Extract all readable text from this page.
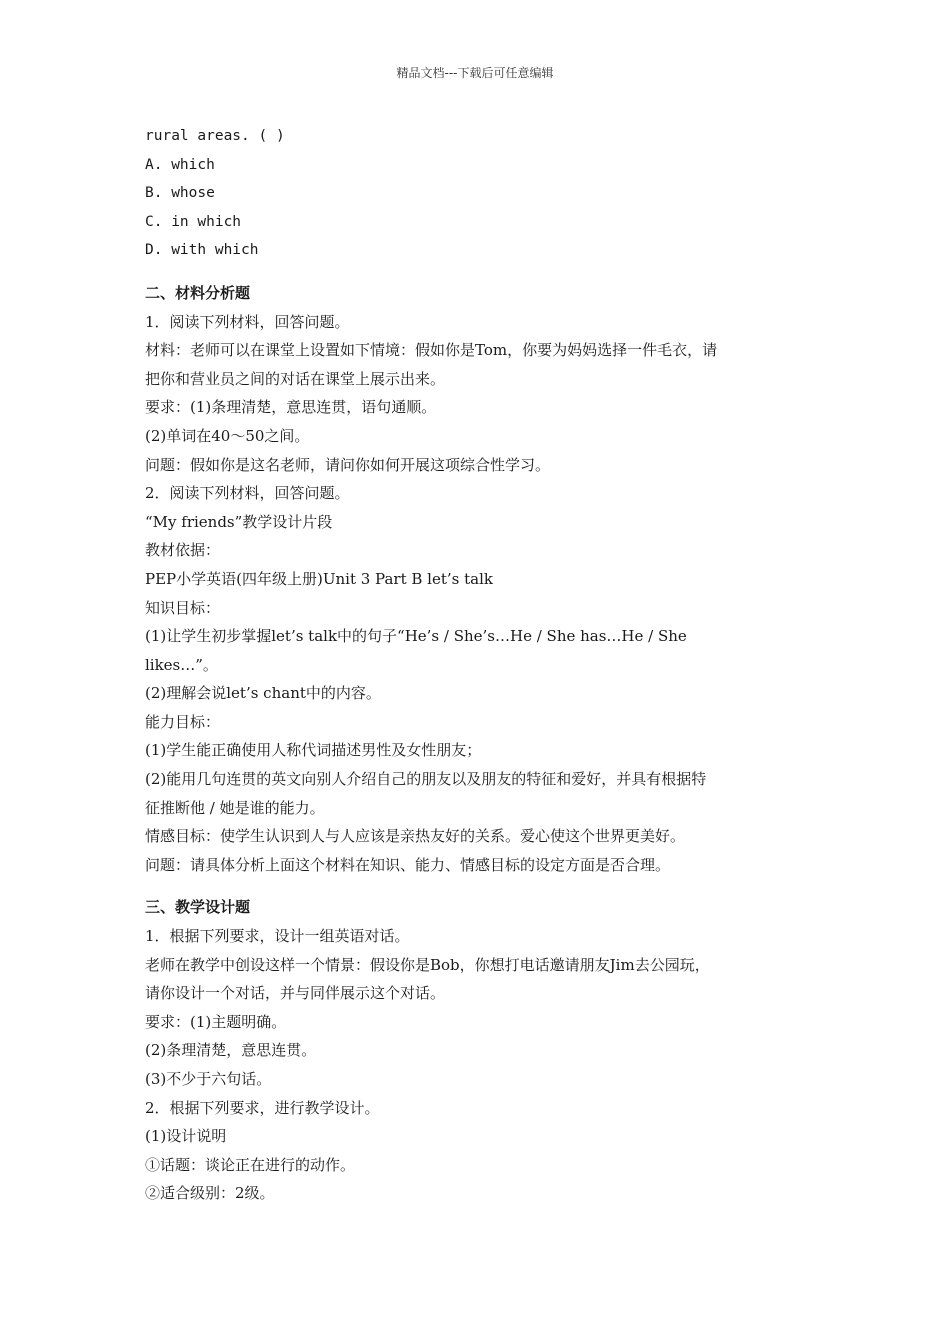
精品文档---下载后可任意编辑
rural areas. ( )
A. which
B. whose
C. in which
D. with which
二、材料分析题
1．阅读下列材料，回答问题。
材料：老师可以在课堂上设置如下情境：假如你是Tom，你要为妈妈选择一件毛衣，请
把你和营业员之间的对话在课堂上展示出来。
要求：(1)条理清楚，意思连贯，语句通顺。
(2)单词在40～50之间。
问题：假如你是这名老师，请问你如何开展这项综合性学习。
2．阅读下列材料，回答问题。
“My friends”教学设计片段
教材依据：
PEP小学英语(四年级上册)Unit 3 Part B let’s talk
知识目标：
(1)让学生初步掌握let’s talk中的句子“He’s / She’s…He / She has…He / She
likes…”。
(2)理解会说let’s chant中的内容。
能力目标：
(1)学生能正确使用人称代词描述男性及女性朋友；
(2)能用几句连贯的英文向别人介绍自己的朋友以及朋友的特征和爱好，并具有根据特
征推断他 / 她是谁的能力。
情感目标：使学生认识到人与人应该是亲热友好的关系。爱心使这个世界更美好。
问题：请具体分析上面这个材料在知识、能力、情感目标的设定方面是否合理。
三、教学设计题
1．根据下列要求，设计一组英语对话。
老师在教学中创设这样一个情景：假设你是Bob，你想打电话邀请朋友Jim去公园玩，
请你设计一个对话，并与同伴展示这个对话。
要求：(1)主题明确。
(2)条理清楚，意思连贯。
(3)不少于六句话。
2．根据下列要求，进行教学设计。
(1)设计说明
①话题：谈论正在进行的动作。
②适合级别：2级。
